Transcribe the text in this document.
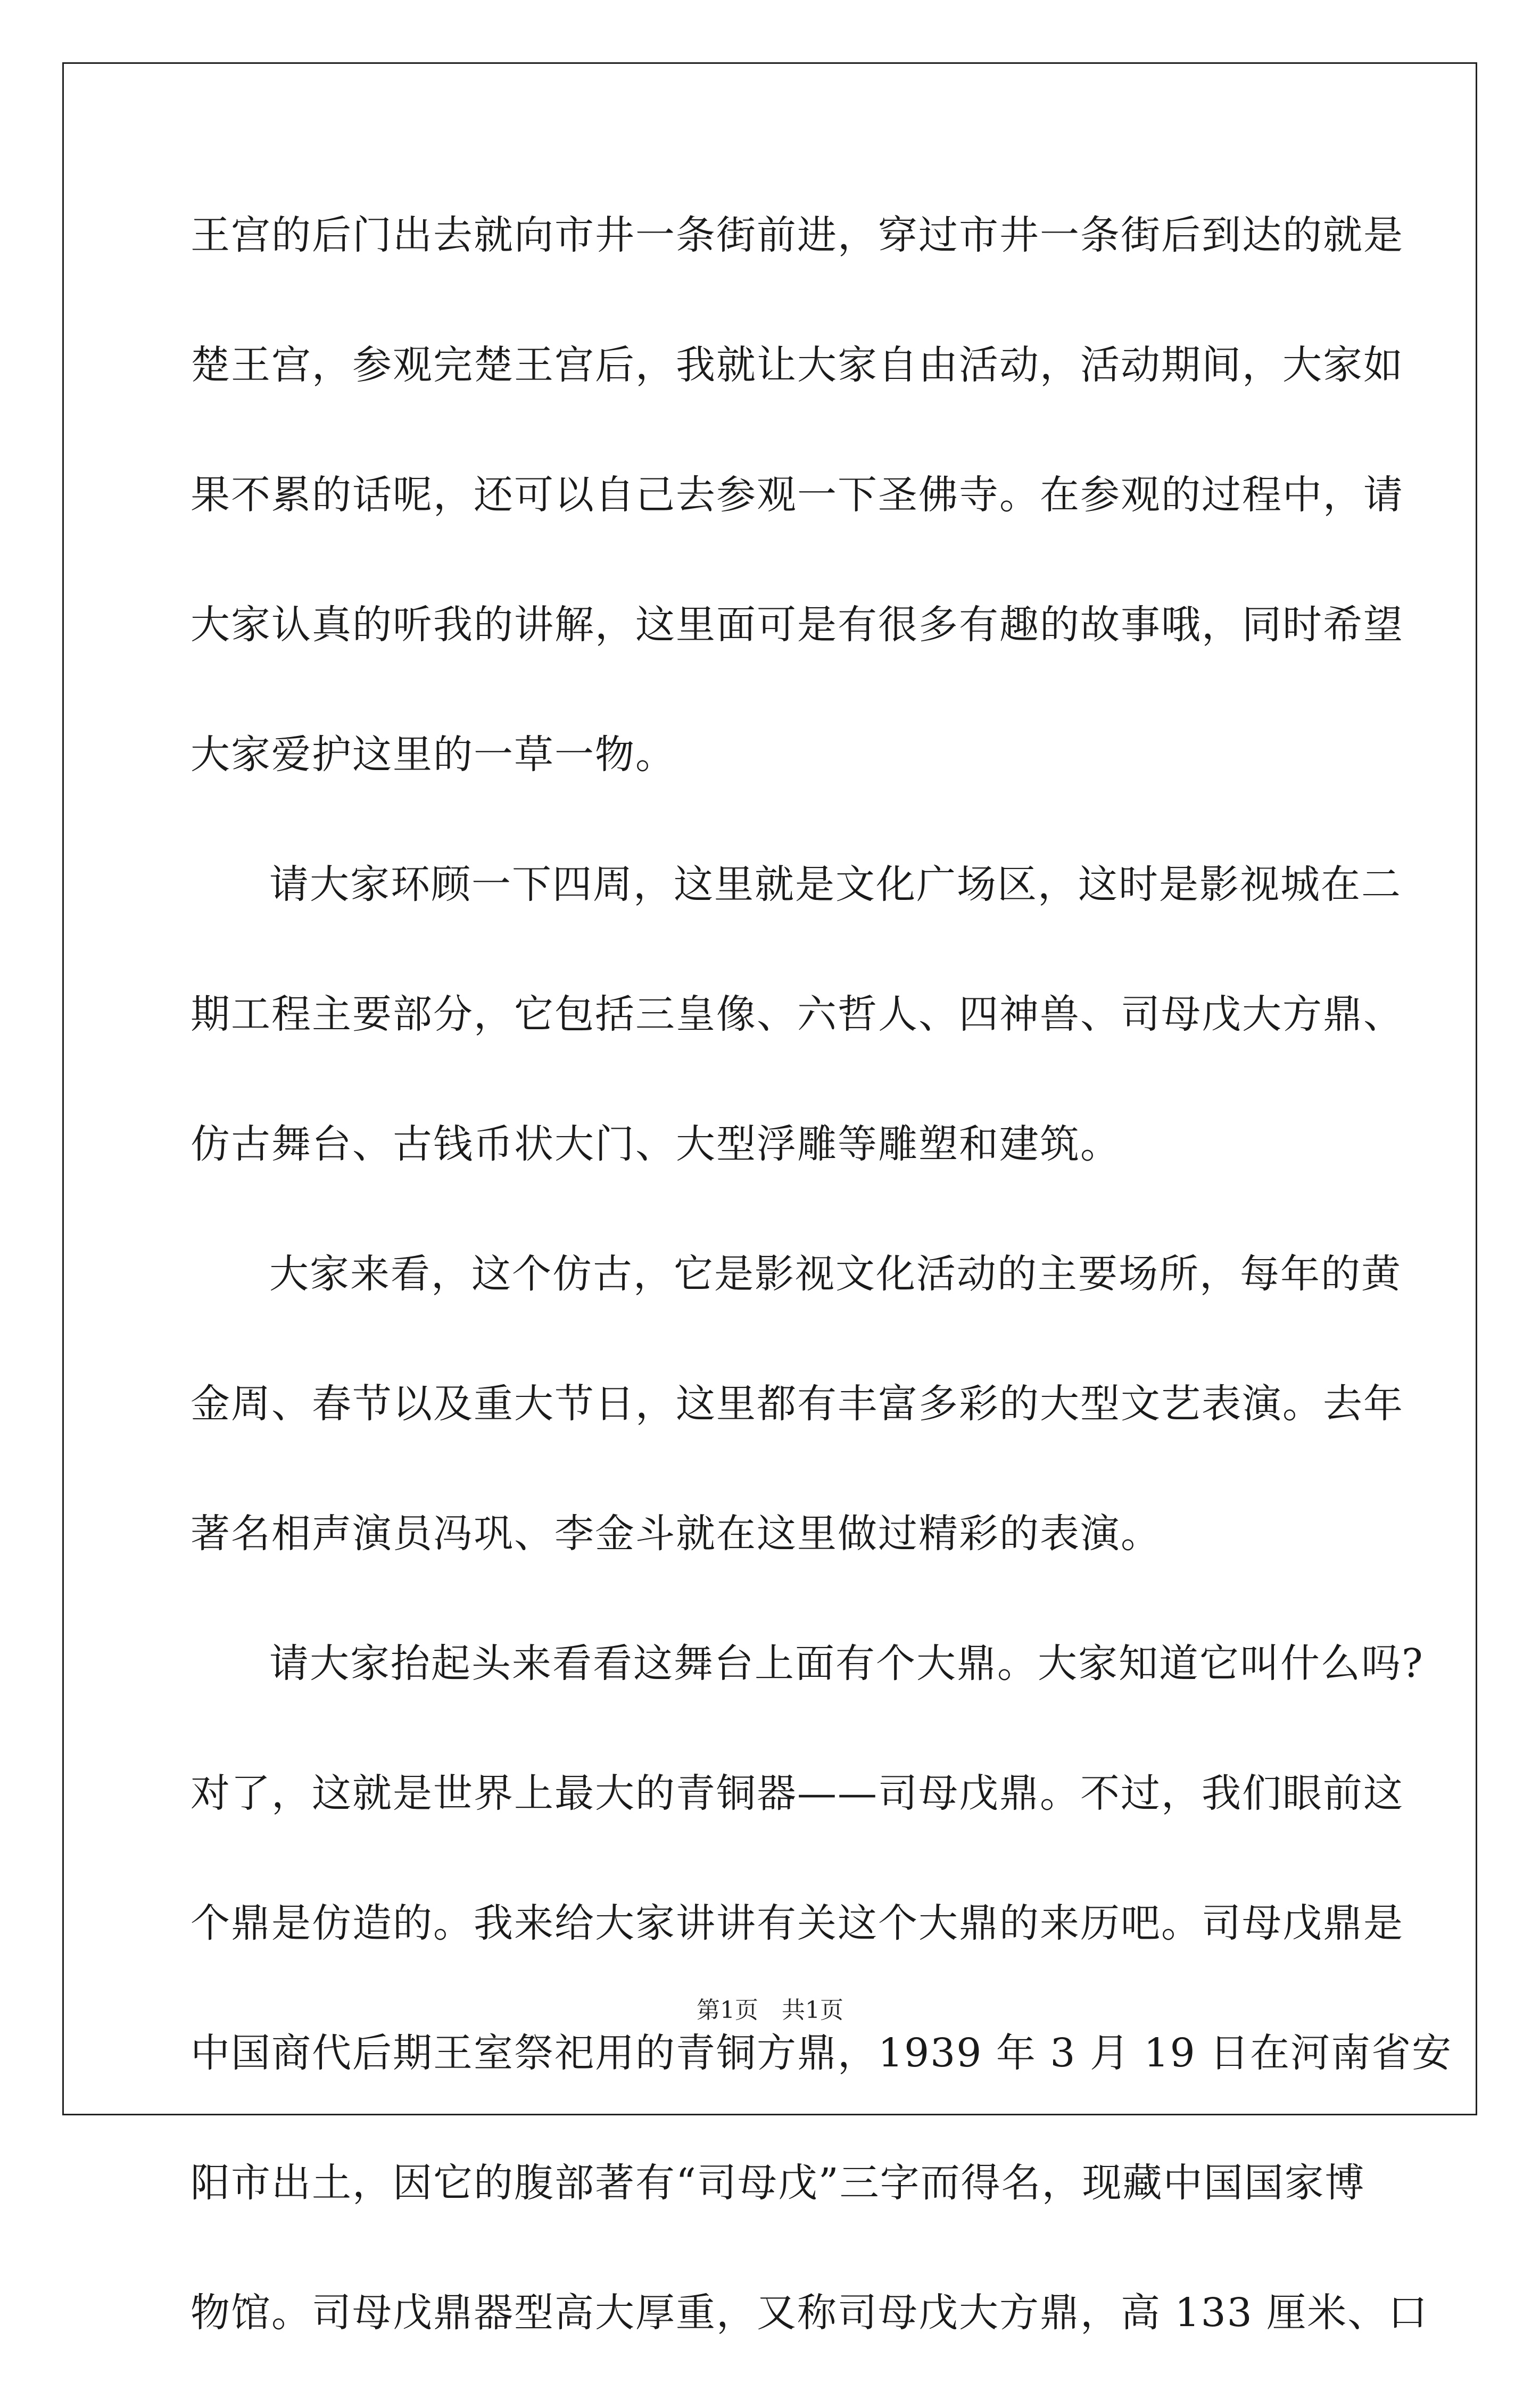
王宫的后门出去就向市井一条街前进，穿过市井一条街后到达的就是
楚王宫，参观完楚王宫后，我就让大家自由活动，活动期间，大家如
果不累的话呢，还可以自己去参观一下圣佛寺。在参观的过程中，请
大家认真的听我的讲解，这里面可是有很多有趣的故事哦，同时希望
大家爱护这里的一草一物。
请大家环顾一下四周，这里就是文化广场区，这时是影视城在二
期工程主要部分，它包括三皇像、六哲人、四神兽、司母戊大方鼎、
仿古舞台、古钱币状大门、大型浮雕等雕塑和建筑。
大家来看，这个仿古，它是影视文化活动的主要场所，每年的黄
金周、春节以及重大节日，这里都有丰富多彩的大型文艺表演。去年
著名相声演员冯巩、李金斗就在这里做过精彩的表演。
请大家抬起头来看看这舞台上面有个大鼎。大家知道它叫什么吗?
对了，这就是世界上最大的青铜器——司母戊鼎。不过，我们眼前这
个鼎是仿造的。我来给大家讲讲有关这个大鼎的来历吧。司母戊鼎是
中国商代后期王室祭祀用的青铜方鼎，1939 年 3 月 19 日在河南省安
阳市出土，因它的腹部著有“司母戊”三字而得名，现藏中国国家博
物馆。司母戊鼎器型高大厚重，又称司母戊大方鼎，高 133 厘米、口
第1页　共1页
